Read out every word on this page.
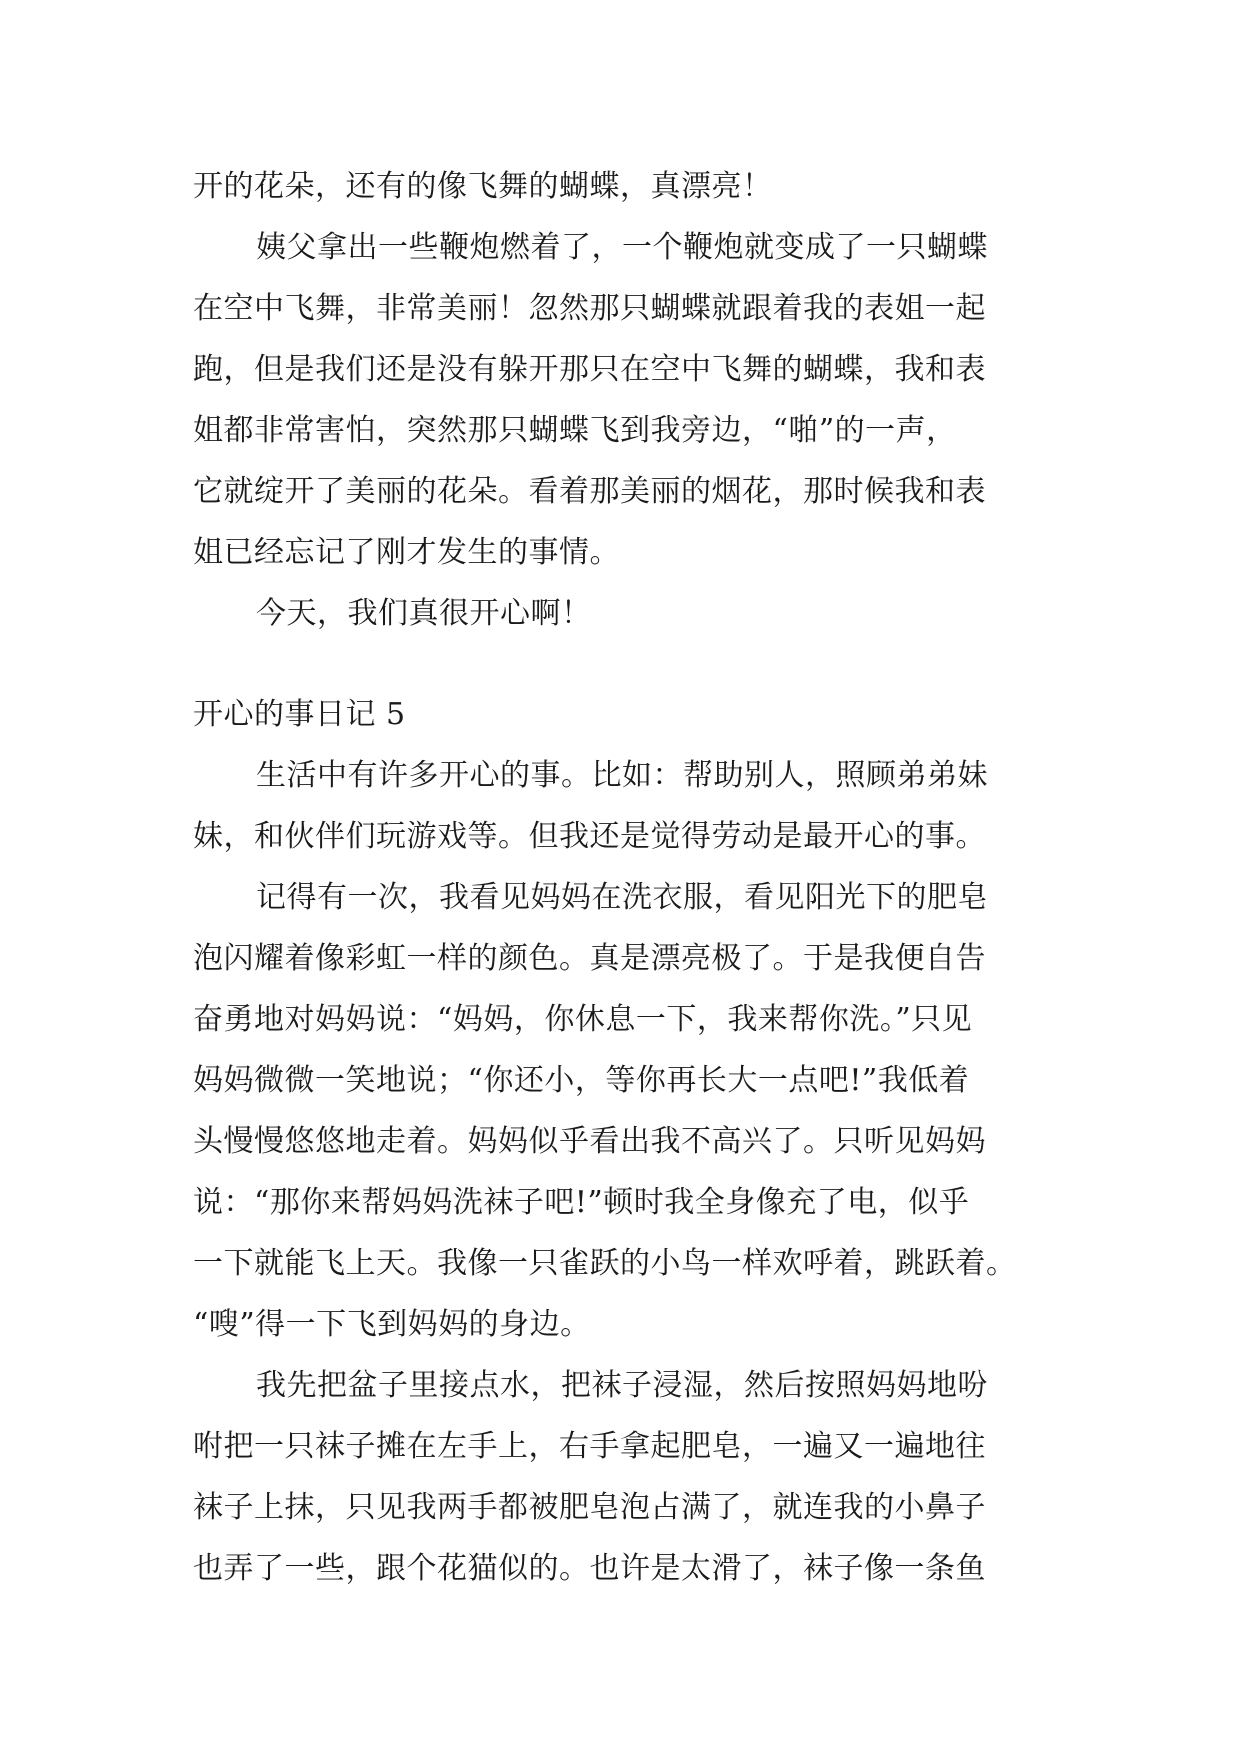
开的花朵，还有的像飞舞的蝴蝶，真漂亮！
姨父拿出一些鞭炮燃着了，一个鞭炮就变成了一只蝴蝶
在空中飞舞，非常美丽！忽然那只蝴蝶就跟着我的表姐一起
跑，但是我们还是没有躲开那只在空中飞舞的蝴蝶，我和表
姐都非常害怕，突然那只蝴蝶飞到我旁边，“啪”的一声，
它就绽开了美丽的花朵。看着那美丽的烟花，那时候我和表
姐已经忘记了刚才发生的事情。
今天，我们真很开心啊！
开心的事日记 5
生活中有许多开心的事。比如：帮助别人，照顾弟弟妹
妹，和伙伴们玩游戏等。但我还是觉得劳动是最开心的事。
记得有一次，我看见妈妈在洗衣服，看见阳光下的肥皂
泡闪耀着像彩虹一样的颜色。真是漂亮极了。于是我便自告
奋勇地对妈妈说：“妈妈，你休息一下，我来帮你洗。”只见
妈妈微微一笑地说；“你还小，等你再长大一点吧!”我低着
头慢慢悠悠地走着。妈妈似乎看出我不高兴了。只听见妈妈
说：“那你来帮妈妈洗袜子吧!”顿时我全身像充了电，似乎
一下就能飞上天。我像一只雀跃的小鸟一样欢呼着，跳跃着。
“嗖”得一下飞到妈妈的身边。
我先把盆子里接点水，把袜子浸湿，然后按照妈妈地吩
咐把一只袜子摊在左手上，右手拿起肥皂，一遍又一遍地往
袜子上抹，只见我两手都被肥皂泡占满了，就连我的小鼻子
也弄了一些，跟个花猫似的。也许是太滑了，袜子像一条鱼
